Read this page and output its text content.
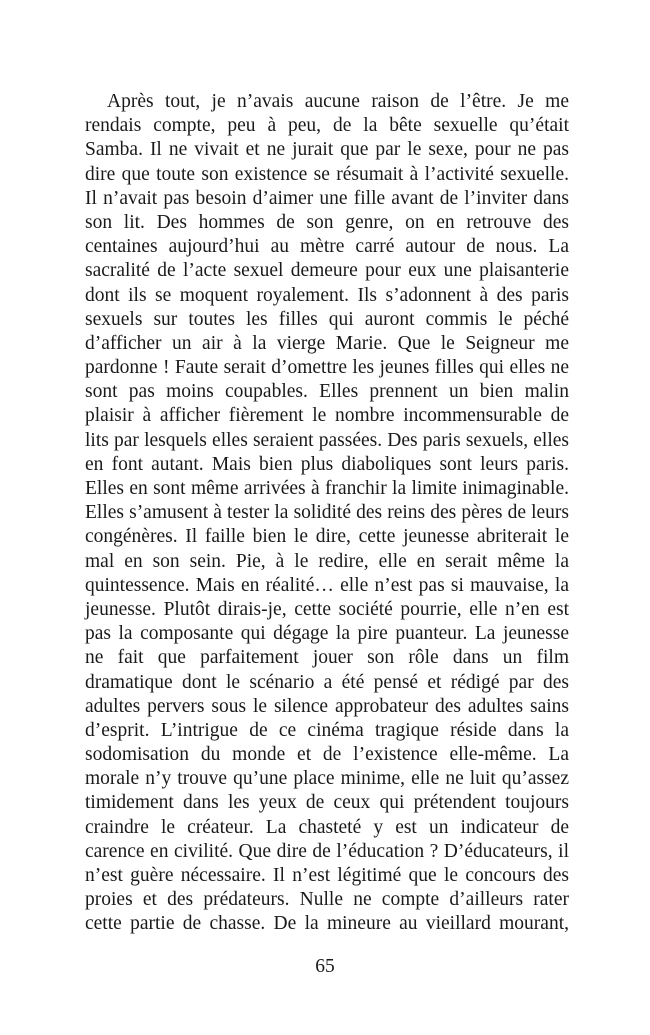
Après tout, je n’avais aucune raison de l’être. Je me
rendais compte, peu à peu, de la bête sexuelle qu’était
Samba. Il ne vivait et ne jurait que par le sexe, pour ne pas
dire que toute son existence se résumait à l’activité sexuelle.
Il n’avait pas besoin d’aimer une fille avant de l’inviter dans
son lit. Des hommes de son genre, on en retrouve des
centaines aujourd’hui au mètre carré autour de nous. La
sacralité de l’acte sexuel demeure pour eux une plaisanterie
dont ils se moquent royalement. Ils s’adonnent à des paris
sexuels sur toutes les filles qui auront commis le péché
d’afficher un air à la vierge Marie. Que le Seigneur me
pardonne ! Faute serait d’omettre les jeunes filles qui elles ne
sont pas moins coupables. Elles prennent un bien malin
plaisir à afficher fièrement le nombre incommensurable de
lits par lesquels elles seraient passées. Des paris sexuels, elles
en font autant. Mais bien plus diaboliques sont leurs paris.
Elles en sont même arrivées à franchir la limite inimaginable.
Elles s’amusent à tester la solidité des reins des pères de leurs
congénères. Il faille bien le dire, cette jeunesse abriterait le
mal en son sein. Pie, à le redire, elle en serait même la
quintessence. Mais en réalité… elle n’est pas si mauvaise, la
jeunesse. Plutôt dirais-je, cette société pourrie, elle n’en est
pas la composante qui dégage la pire puanteur. La jeunesse
ne fait que parfaitement jouer son rôle dans un film
dramatique dont le scénario a été pensé et rédigé par des
adultes pervers sous le silence approbateur des adultes sains
d’esprit. L’intrigue de ce cinéma tragique réside dans la
sodomisation du monde et de l’existence elle-même. La
morale n’y trouve qu’une place minime, elle ne luit qu’assez
timidement dans les yeux de ceux qui prétendent toujours
craindre le créateur. La chasteté y est un indicateur de
carence en civilité. Que dire de l’éducation ? D’éducateurs, il
n’est guère nécessaire. Il n’est légitimé que le concours des
proies et des prédateurs. Nulle ne compte d’ailleurs rater
cette partie de chasse. De la mineure au vieillard mourant,
65
